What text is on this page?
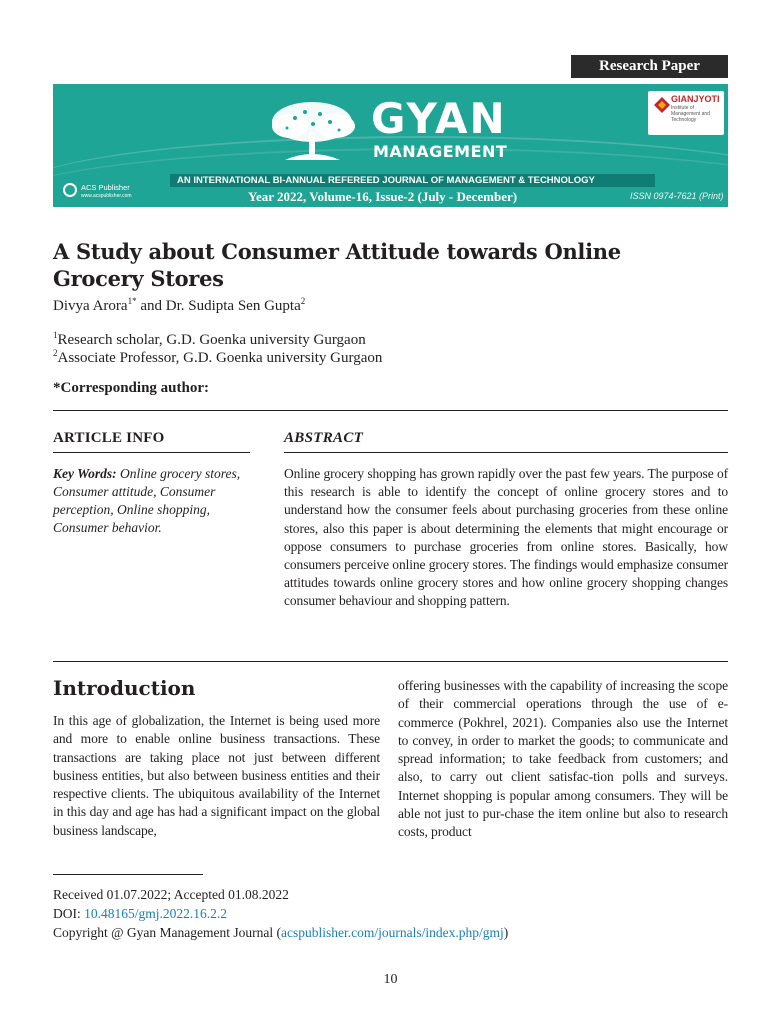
Research Paper
GYAN
MANAGEMENT
AN INTERNATIONAL BI-ANNUAL REFEREED JOURNAL OF MANAGEMENT & TECHNOLOGY
Year 2022, Volume-16, Issue-2 (July - December)	ISSN 0974-7621 (Print)
ACS Publisher
www.acspublisher.com
GIANJYOTI
Institute of Management and Technology
A Study about Consumer Attitude towards Online Grocery Stores
Divya Arora$^{1*}$ and Dr. Sudipta Sen Gupta$^2$
$^1$Research scholar, G.D. Goenka university Gurgaon
$^2$Associate Professor, G.D. Goenka university Gurgaon
*Corresponding author:
ARTICLE INFO	ABSTRACT
Key Words: Online grocery stores, Consumer attitude, Consumer perception, Online shopping, Consumer behavior.
Online grocery shopping has grown rapidly over the past few years. The purpose of this research is able to identify the concept of online grocery stores and to understand how the consumer feels about purchasing groceries from these online stores, also this paper is about determining the elements that might encourage or oppose consumers to purchase groceries from online stores. Basically, how consumers perceive online grocery stores. The findings would emphasize consumer attitudes towards online grocery stores and how online grocery shopping changes consumer behaviour and shopping pattern.
Introduction
In this age of globalization, the Internet is being used more and more to enable online business transactions. These transactions are taking place not just between different business entities, but also between business entities and their respective clients. The ubiquitous availability of the Internet in this day and age has had a significant impact on the global business landscape,
offering businesses with the capability of increasing the scope of their commercial operations through the use of e-commerce (Pokhrel, 2021). Companies also use the Internet to convey, in order to market the goods; to communicate and spread information; to take feedback from customers; and also, to carry out client satisfac-tion polls and surveys. Internet shopping is popular among consumers. They will be able not just to pur-chase the item online but also to research costs, product
Received 01.07.2022; Accepted 01.08.2022
DOI: 10.48165/gmj.2022.16.2.2
Copyright @ Gyan Management Journal (acspublisher.com/journals/index.php/gmj)
10
